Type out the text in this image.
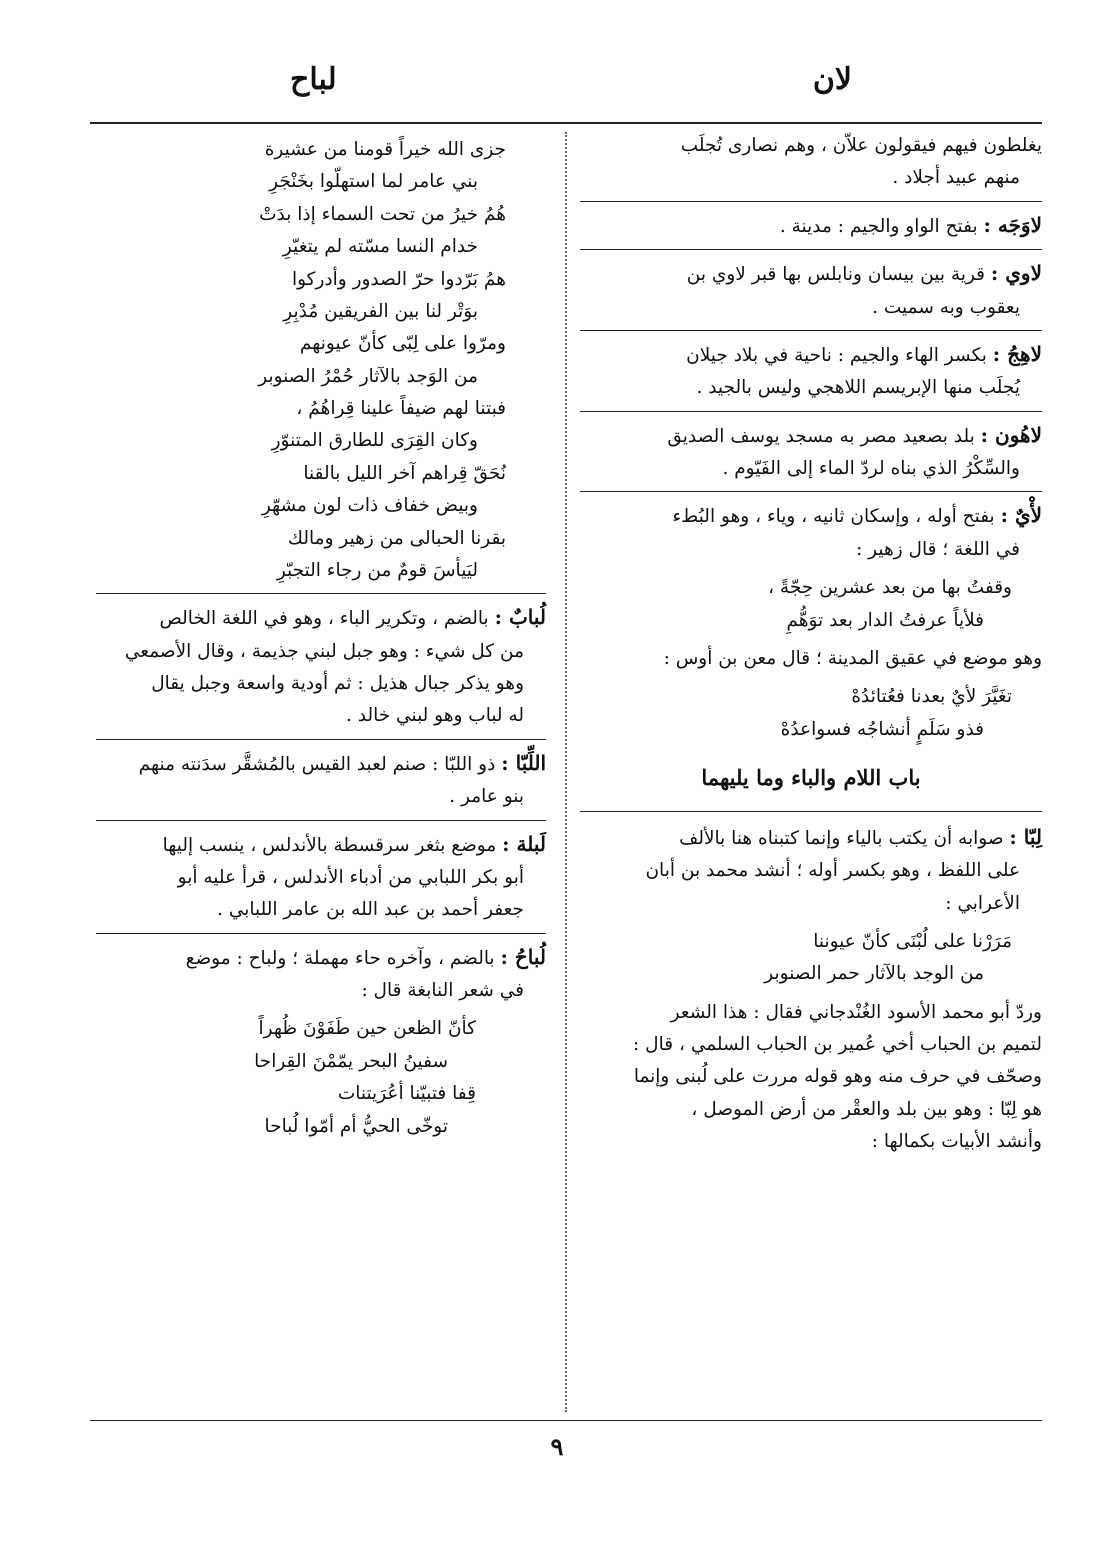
لان
لباح
يغلطون فيهم فيقولون علاّن ، وهم نصارى تُجلَب
منهم عبيد أجلاد .
لاوَجَه : بفتح الواو والجيم : مدينة .
لاوي : قرية بين بيسان ونابلس بها قبر لاوي بن
يعقوب وبه سميت .
لاهِجُ : بكسر الهاء والجيم : ناحية في بلاد جيلان
يُجلَب منها الإبريسم اللاهجي وليس بالجيد .
لاهُون : بلد بصعيد مصر به مسجد يوسف الصديق
والسِّكْرُ الذي بناه لردّ الماء إلى الفَيّوم .
لأْيٌ : بفتح أوله ، وإسكان ثانيه ، وياء ، وهو البُطء
في اللغة ؛ قال زهير :
وقفتُ بها من بعد عشرين حِجّةً ،
فلأياً عرفتُ الدار بعد توَهُّمِ
وهو موضع في عقيق المدينة ؛ قال معن بن أوس :
تغَيَّرَ لأيٌ بعدنا فعُتائدُهْ
فذو سَلَمٍ أنشاجُه فسواعدُهْ
باب اللام والباء وما يليهما
لِبّا : صوابه أن يكتب بالياء وإنما كتبناه هنا بالألف
على اللفظ ، وهو بكسر أوله ؛ أنشد محمد بن أبان
الأعرابي :
مَرَرْنا على لُبْنَى كأنّ عيوننا
من الوجد بالآثار حمر الصنوبر
وردّ أبو محمد الأسود الغُنْدجاني فقال : هذا الشعر
لتميم بن الحباب أخي عُمير بن الحباب السلمي ، قال :
وصحّف في حرف منه وهو قوله مررت على لُبنى وإنما
هو لِبّا : وهو بين بلد والعقْر من أرض الموصل ،
وأنشد الأبيات بكمالها :
جزى الله خيراً قومنا من عشيرة
بني عامر لما استهلّوا بخَنْجَرِ
هُمُ خيرُ من تحت السماء إذا بدَتْ
خدام النسا مسّته لم يتغيّرِ
همُ بَرّدوا حرّ الصدور وأدركوا
بوَتْر لنا بين الفريقين مُدْبِرِ
ومرّوا على لِبّى كأنّ عيونهم
من الوَجد بالآثار حُمْرُ الصنوبر
فبتنا لهم ضيفاً علينا قِراهُمُ ،
وكان القِرَى للطارق المتنوّرِ
نُحَقّ قِراهم آخر الليل بالقنا
وبيض خفاف ذات لون مشهّرِ
بقرنا الحبالى من زهير ومالك
ليَيأسَ قومٌ من رجاء التجبّرِ
لُبابٌ : بالضم ، وتكرير الباء ، وهو في اللغة الخالص
من كل شيء : وهو جبل لبني جذيمة ، وقال الأصمعي
وهو يذكر جبال هذيل : ثم أودية واسعة وجبل يقال
له لباب وهو لبني خالد .
اللِّبّا : ذو اللبّا : صنم لعبد القيس بالمُشقَّر سدَنته منهم
بنو عامر .
لَبلة : موضع بثغر سرقسطة بالأندلس ، ينسب إليها
أبو بكر اللبابي من أدباء الأندلس ، قرأ عليه أبو
جعفر أحمد بن عبد الله بن عامر اللبابي .
لُباحُ : بالضم ، وآخره حاء مهملة ؛ ولباح : موضع
في شعر النابغة قال :
كأنّ الظعن حين طَفَوْنَ ظُهراً
سفينُ البحر يمّمْنَ القِراحا
قِفا فتبيّنا أعُرَيتنات
توخّى الحيُّ أم أمّوا لُباحا
٩
